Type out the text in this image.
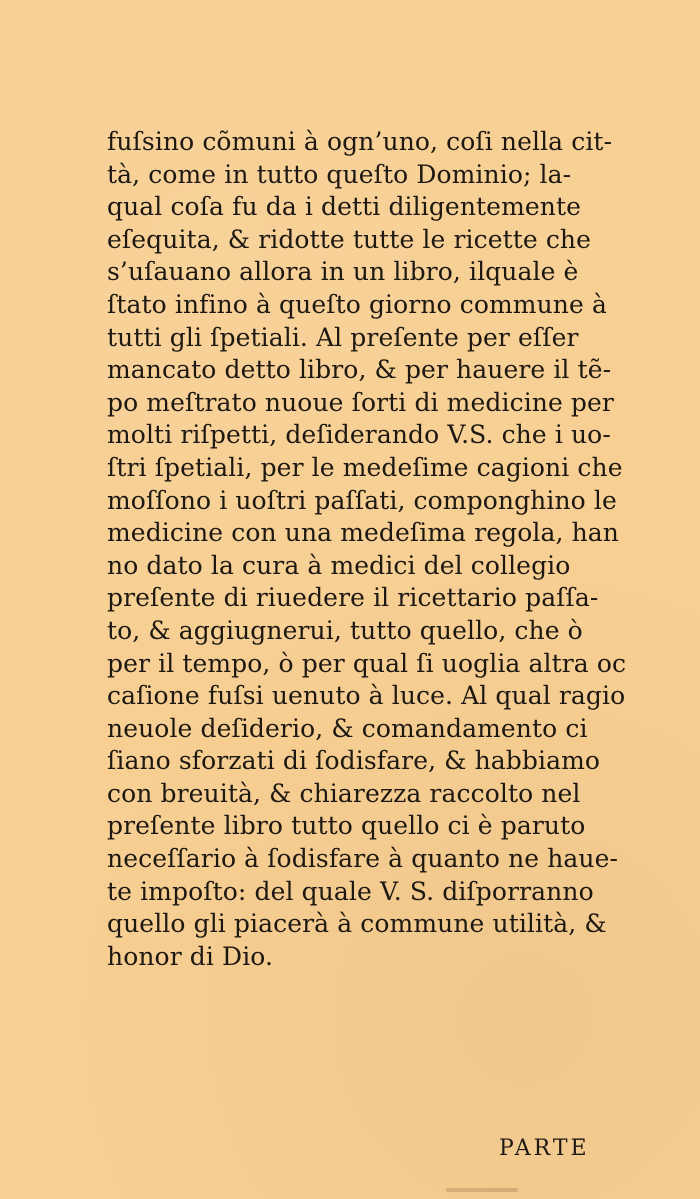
fuſsino cõmuni à ogn’uno, coſi nella cit-
tà, come in tutto queſto Dominio; la-
qual coſa fu da i detti diligentemente
eſequita, & ridotte tutte le ricette che
s’uſauano allora in un libro, ilquale è
ſtato infino à queſto giorno commune à
tutti gli ſpetiali. Al preſente per eſſer
mancato detto libro, & per hauere il tẽ-
po meſtrato nuoue ſorti di medicine per
molti riſpetti, deſiderando V.S. che i uo-
ſtri ſpetiali, per le medeſime cagioni che
moſſono i uoſtri paſſati, componghino le
medicine con una medeſima regola, han
no dato la cura à medici del collegio
preſente di riuedere il ricettario paſſa-
to, & aggiugnerui, tutto quello, che ò
per il tempo, ò per qual ſi uoglia altra oc
caſione fuſsi uenuto à luce. Al qual ragio
neuole deſiderio, & comandamento ci
ſiano sforzati di ſodisfare, & habbiamo
con breuità, & chiarezza raccolto nel
preſente libro tutto quello ci è paruto
neceſſario à ſodisfare à quanto ne haue-
te impoſto: del quale V. S. diſporranno
quello gli piacerà à commune utilità, &
honor di Dio.
PARTE
